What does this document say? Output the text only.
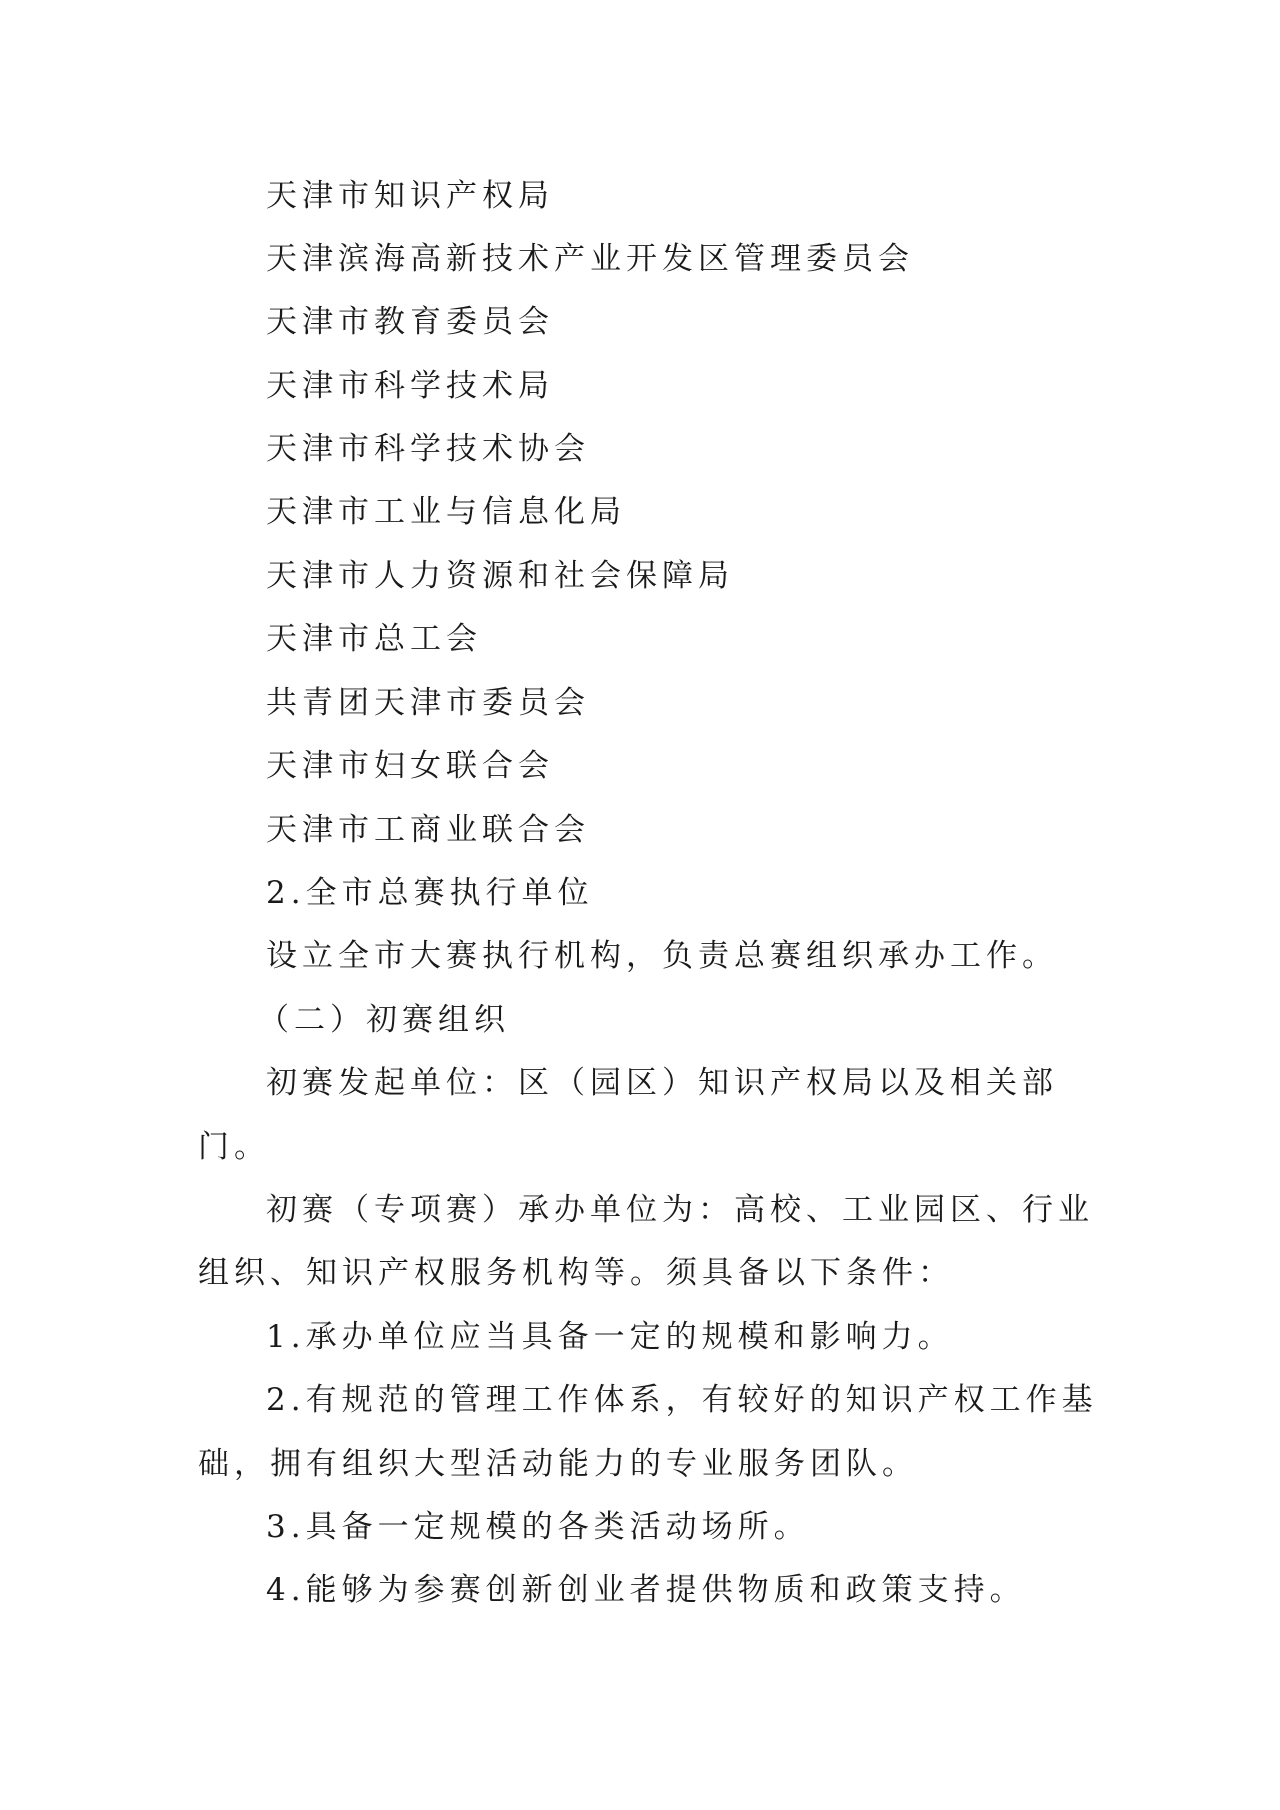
天津市知识产权局
天津滨海高新技术产业开发区管理委员会
天津市教育委员会
天津市科学技术局
天津市科学技术协会
天津市工业与信息化局
天津市人力资源和社会保障局
天津市总工会
共青团天津市委员会
天津市妇女联合会
天津市工商业联合会
2.全市总赛执行单位
设立全市大赛执行机构，负责总赛组织承办工作。
（二）初赛组织
初赛发起单位：区（园区）知识产权局以及相关部
门。
初赛（专项赛）承办单位为：高校、工业园区、行业
组织、知识产权服务机构等。须具备以下条件：
1.承办单位应当具备一定的规模和影响力。
2.有规范的管理工作体系，有较好的知识产权工作基
础，拥有组织大型活动能力的专业服务团队。
3.具备一定规模的各类活动场所。
4.能够为参赛创新创业者提供物质和政策支持。
